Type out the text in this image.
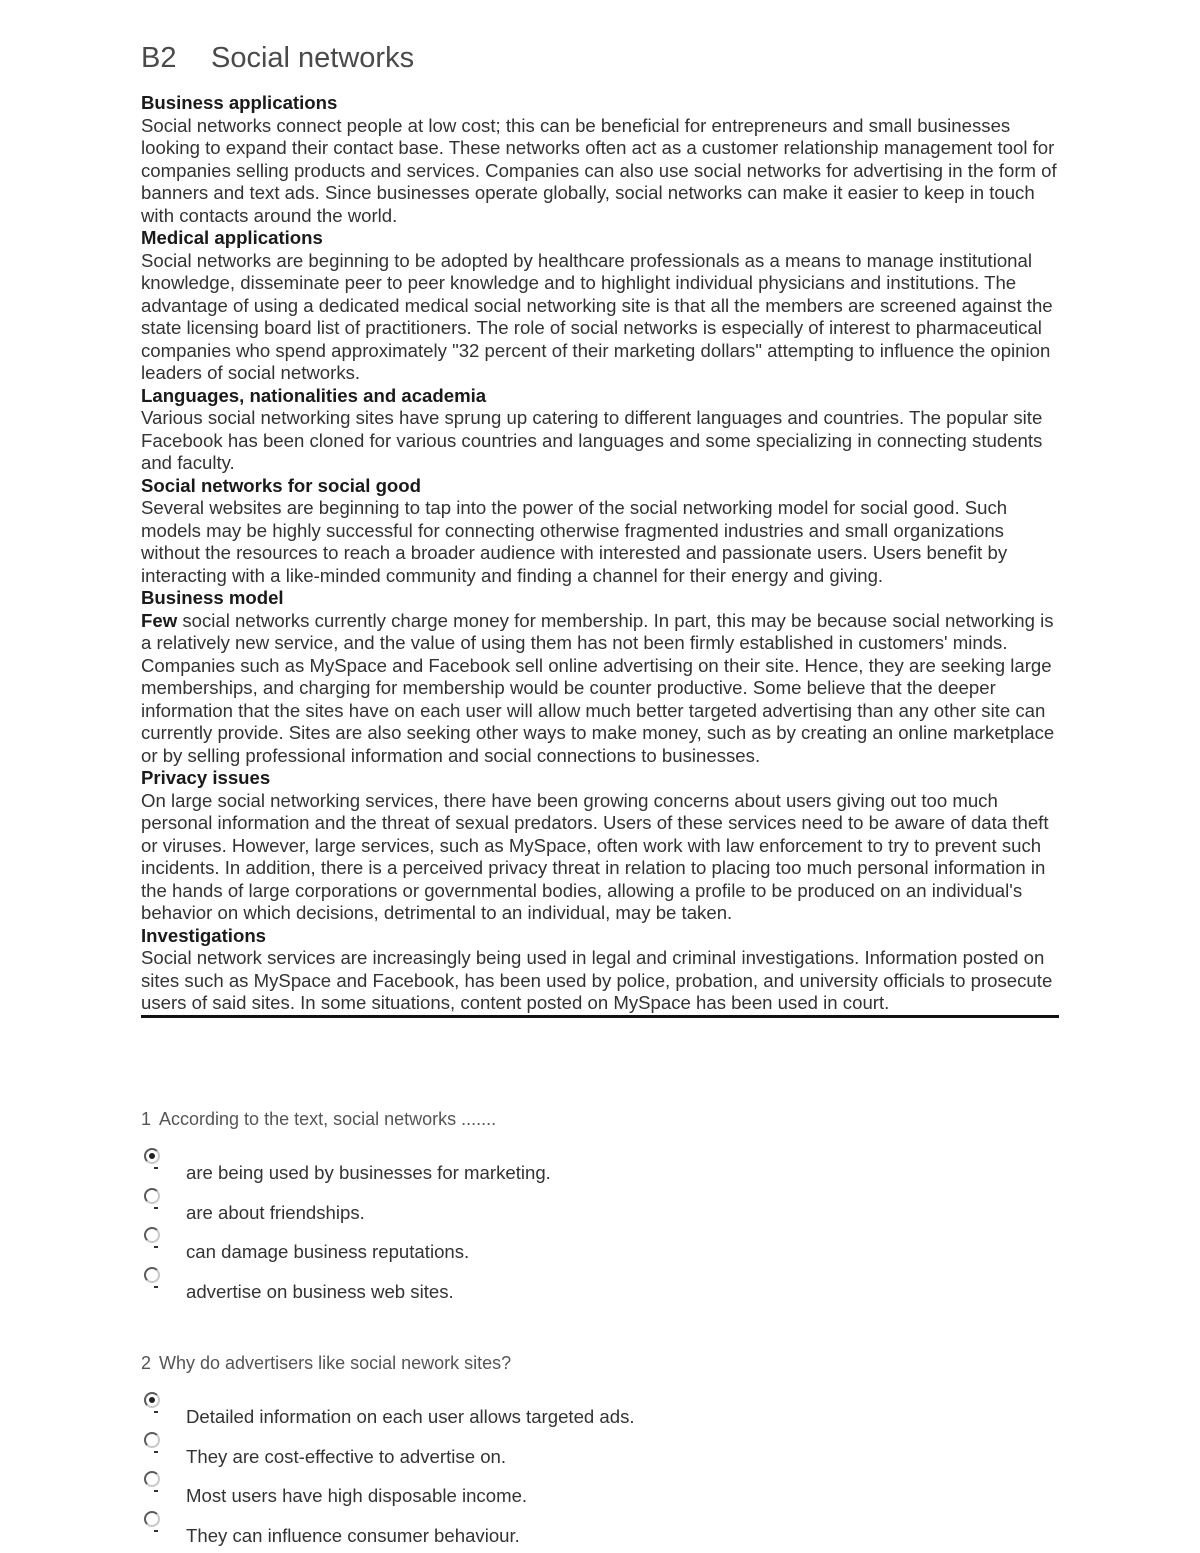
B2 Social networks
Business applications
Social networks connect people at low cost; this can be beneficial for entrepreneurs and small businesses looking to expand their contact base. These networks often act as a customer relationship management tool for companies selling products and services. Companies can also use social networks for advertising in the form of banners and text ads. Since businesses operate globally, social networks can make it easier to keep in touch with contacts around the world.
Medical applications
Social networks are beginning to be adopted by healthcare professionals as a means to manage institutional knowledge, disseminate peer to peer knowledge and to highlight individual physicians and institutions. The advantage of using a dedicated medical social networking site is that all the members are screened against the state licensing board list of practitioners. The role of social networks is especially of interest to pharmaceutical companies who spend approximately "32 percent of their marketing dollars" attempting to influence the opinion leaders of social networks.
Languages, nationalities and academia
Various social networking sites have sprung up catering to different languages and countries. The popular site Facebook has been cloned for various countries and languages and some specializing in connecting students and faculty.
Social networks for social good
Several websites are beginning to tap into the power of the social networking model for social good. Such models may be highly successful for connecting otherwise fragmented industries and small organizations without the resources to reach a broader audience with interested and passionate users. Users benefit by interacting with a like-minded community and finding a channel for their energy and giving.
Business model
Few social networks currently charge money for membership. In part, this may be because social networking is a relatively new service, and the value of using them has not been firmly established in customers' minds. Companies such as MySpace and Facebook sell online advertising on their site. Hence, they are seeking large memberships, and charging for membership would be counter productive. Some believe that the deeper information that the sites have on each user will allow much better targeted advertising than any other site can currently provide. Sites are also seeking other ways to make money, such as by creating an online marketplace or by selling professional information and social connections to businesses.
Privacy issues
On large social networking services, there have been growing concerns about users giving out too much personal information and the threat of sexual predators. Users of these services need to be aware of data theft or viruses. However, large services, such as MySpace, often work with law enforcement to try to prevent such incidents. In addition, there is a perceived privacy threat in relation to placing too much personal information in the hands of large corporations or governmental bodies, allowing a profile to be produced on an individual's behavior on which decisions, detrimental to an individual, may be taken.
Investigations
Social network services are increasingly being used in legal and criminal investigations. Information posted on sites such as MySpace and Facebook, has been used by police, probation, and university officials to prosecute users of said sites. In some situations, content posted on MySpace has been used in court.
1 According to the text, social networks .......
are being used by businesses for marketing.
are about friendships.
can damage business reputations.
advertise on business web sites.
2 Why do advertisers like social nework sites?
Detailed information on each user allows targeted ads.
They are cost-effective to advertise on.
Most users have high disposable income.
They can influence consumer behaviour.
